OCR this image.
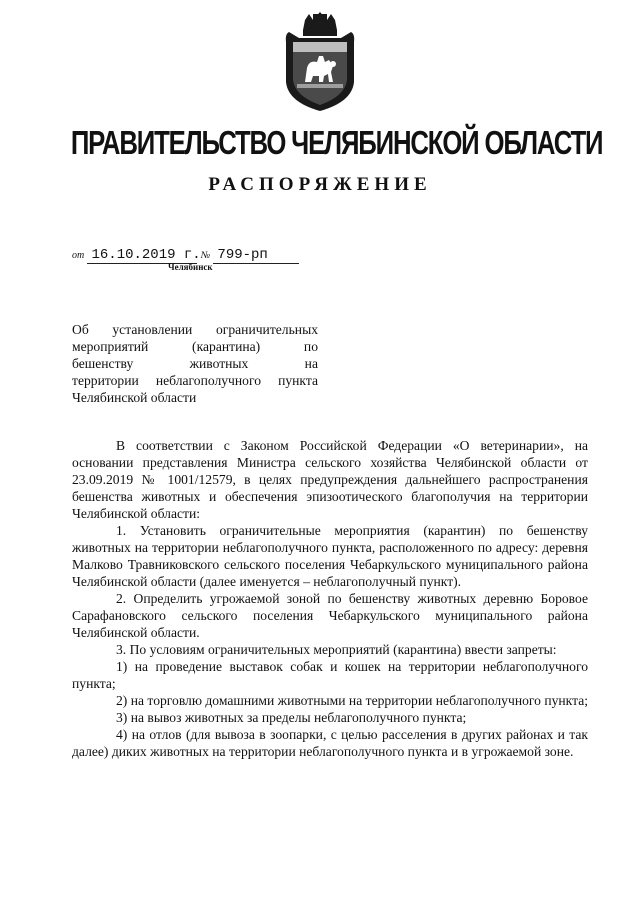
ПРАВИТЕЛЬСТВО ЧЕЛЯБИНСКОЙ ОБЛАСТИ
РАСПОРЯЖЕНИЕ
от 16.10.2019 г. № 799-рп
Челябинск
Об установлении ограничительных
мероприятий (карантина) по
бешенству животных на
территории неблагополучного пункта
Челябинской области

В соответствии с Законом Российской Федерации «О ветеринарии», на основании представления Министра сельского хозяйства Челябинской области от 23.09.2019 № 1001/12579, в целях предупреждения дальнейшего распространения бешенства животных и обеспечения эпизоотического благополучия на территории Челябинской области:

1. Установить ограничительные мероприятия (карантин) по бешенству животных на территории неблагополучного пункта, расположенного по адресу: деревня Малково Травниковского сельского поселения Чебаркульского муниципального района Челябинской области (далее именуется – неблагополучный пункт).

2. Определить угрожаемой зоной по бешенству животных деревню Боровое Сарафановского сельского поселения Чебаркульского муниципального района Челябинской области.

3. По условиям ограничительных мероприятий (карантина) ввести запреты:

1) на проведение выставок собак и кошек на территории неблагополучного пункта;

2) на торговлю домашними животными на территории неблагополучного пункта;

3) на вывоз животных за пределы неблагополучного пункта;

4) на отлов (для вывоза в зоопарки, с целью расселения в других районах и так далее) диких животных на территории неблагополучного пункта и в угрожаемой зоне.
